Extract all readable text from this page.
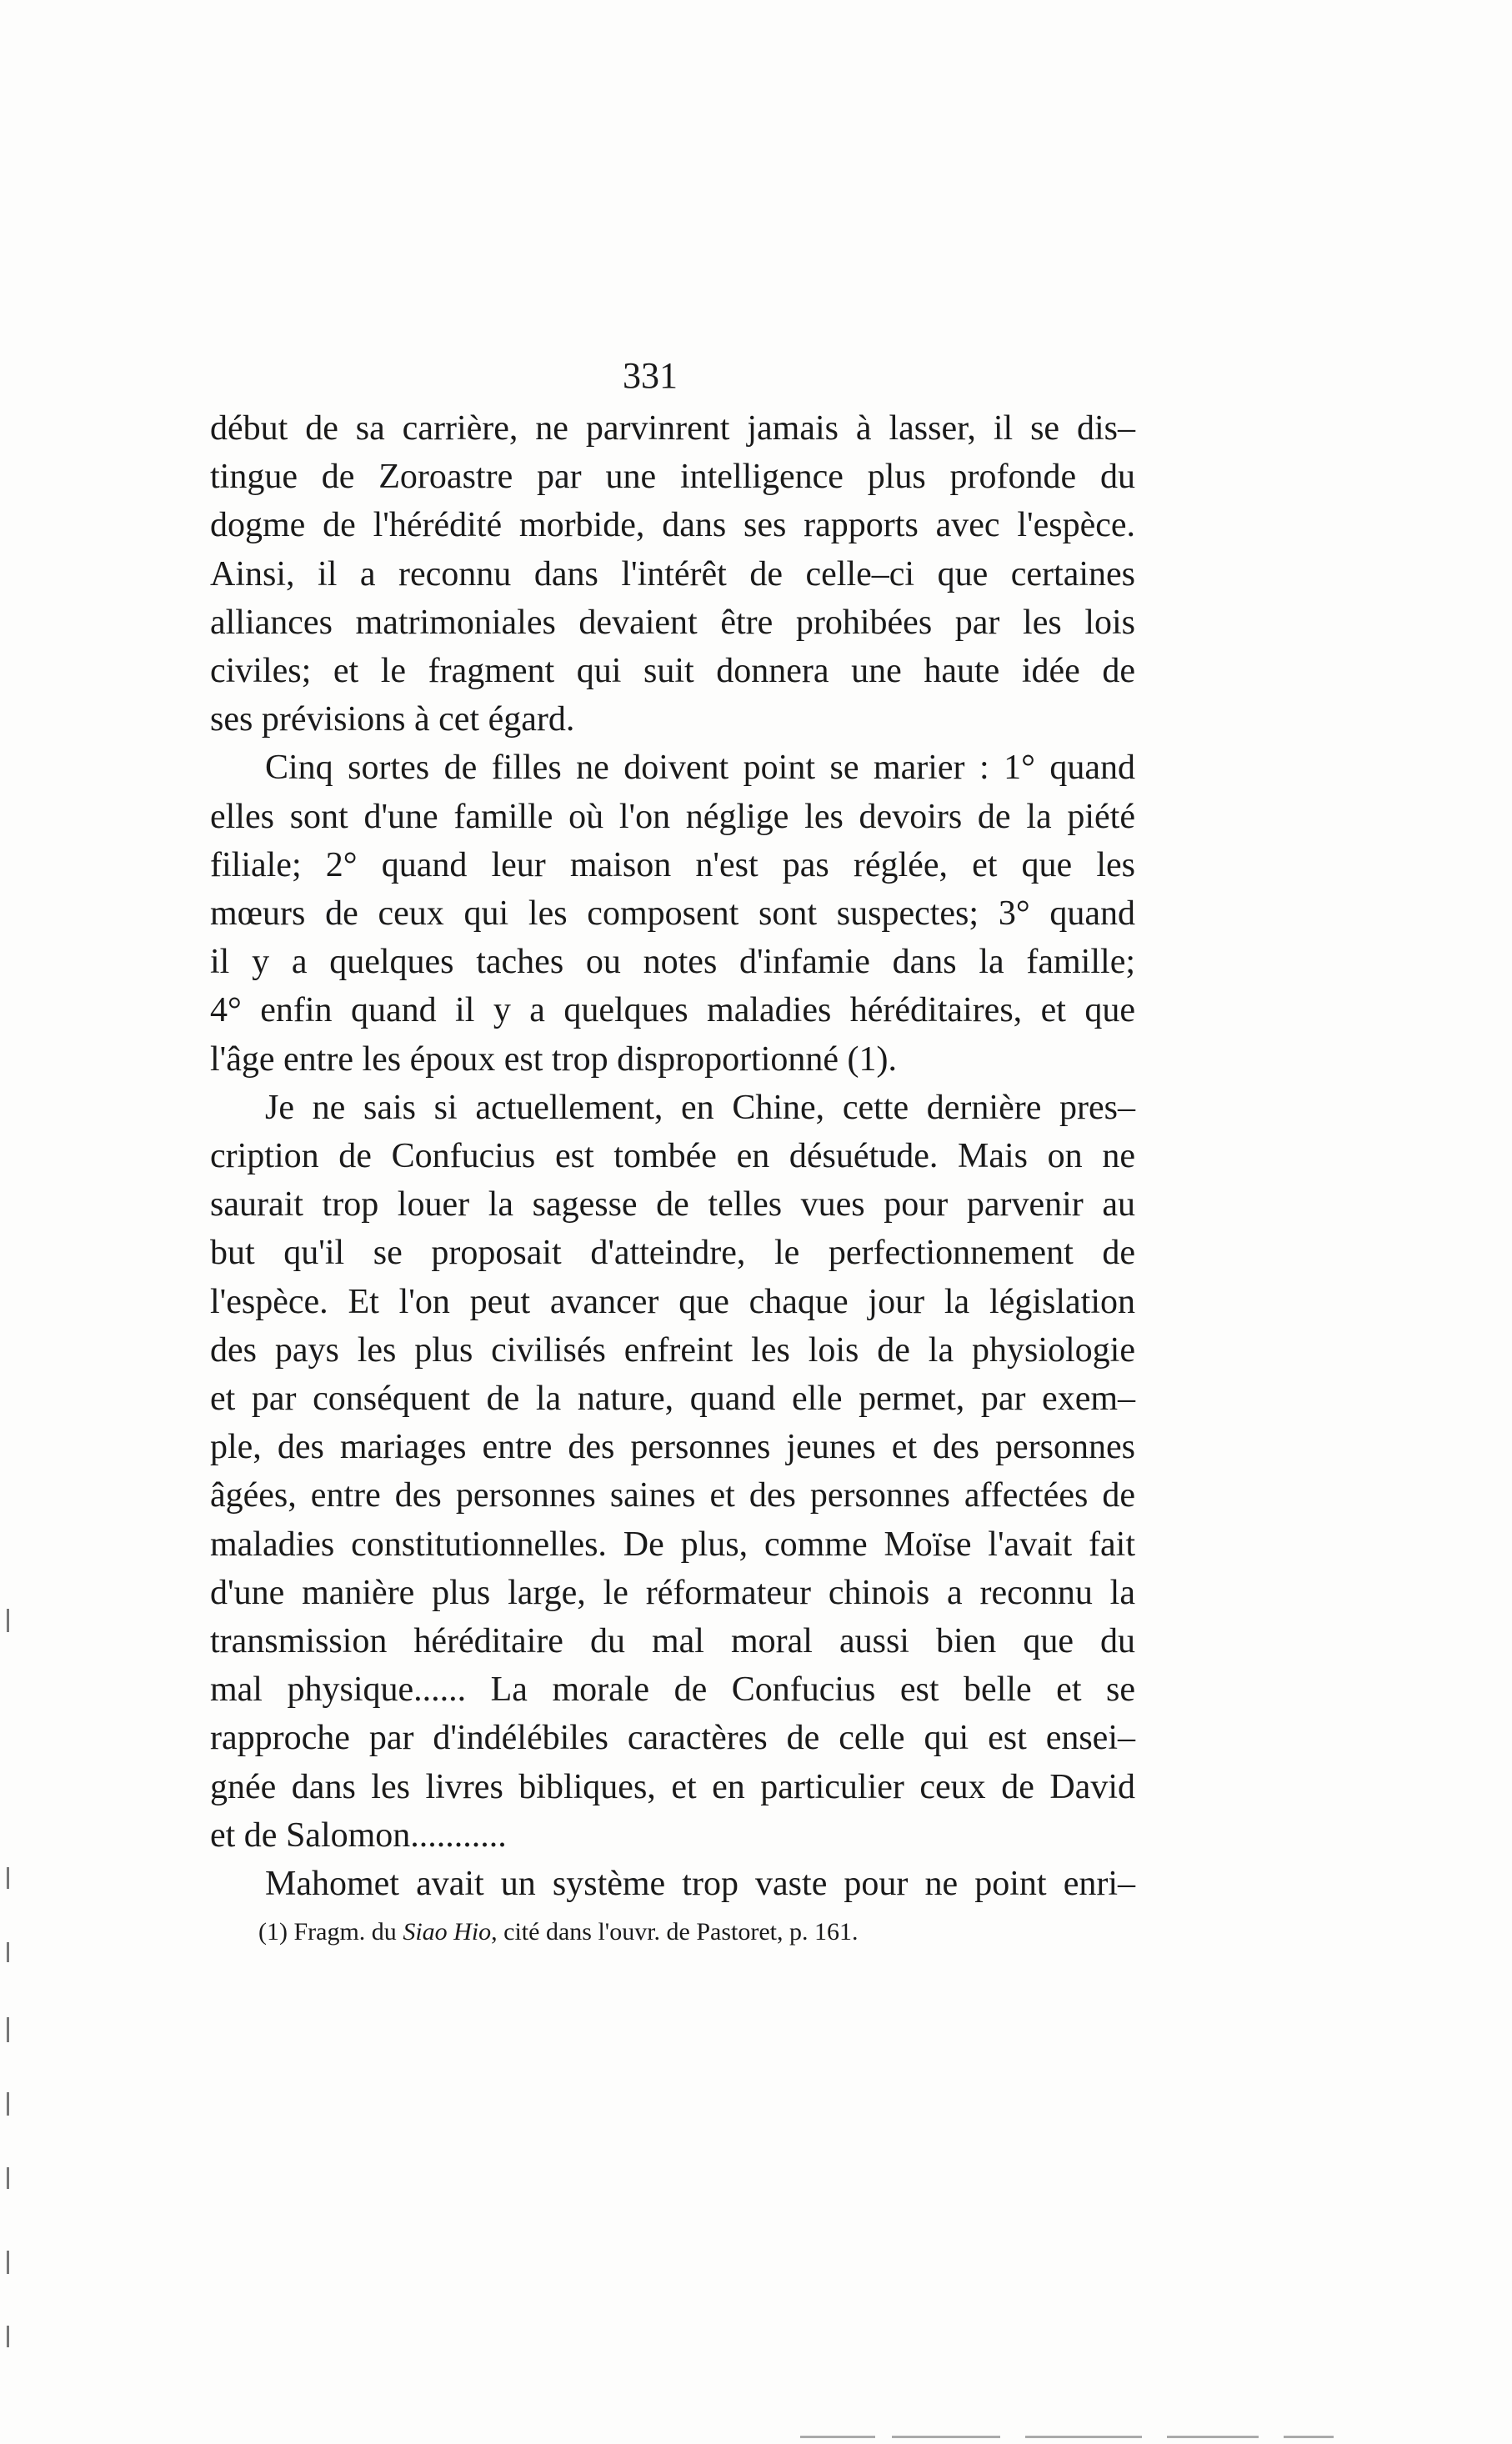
331
début de sa carrière, ne parvinrent jamais à lasser, il se dis–
tingue de Zoroastre par une intelligence plus profonde du
dogme de l'hérédité morbide, dans ses rapports avec l'espèce.
Ainsi, il a reconnu dans l'intérêt de celle–ci que certaines
alliances matrimoniales devaient être prohibées par les lois
civiles; et le fragment qui suit donnera une haute idée de
ses prévisions à cet égard.
Cinq sortes de filles ne doivent point se marier : 1° quand
elles sont d'une famille où l'on néglige les devoirs de la piété
filiale; 2° quand leur maison n'est pas réglée, et que les
mœurs de ceux qui les composent sont suspectes; 3° quand
il y a quelques taches ou notes d'infamie dans la famille;
4° enfin quand il y a quelques maladies héréditaires, et que
l'âge entre les époux est trop disproportionné (1).
Je ne sais si actuellement, en Chine, cette dernière pres–
cription de Confucius est tombée en désuétude. Mais on ne
saurait trop louer la sagesse de telles vues pour parvenir au
but qu'il se proposait d'atteindre, le perfectionnement de
l'espèce. Et l'on peut avancer que chaque jour la législation
des pays les plus civilisés enfreint les lois de la physiologie
et par conséquent de la nature, quand elle permet, par exem–
ple, des mariages entre des personnes jeunes et des personnes
âgées, entre des personnes saines et des personnes affectées de
maladies constitutionnelles. De plus, comme Moïse l'avait fait
d'une manière plus large, le réformateur chinois a reconnu la
transmission héréditaire du mal moral aussi bien que du
mal physique...... La morale de Confucius est belle et se
rapproche par d'indélébiles caractères de celle qui est ensei–
gnée dans les livres bibliques, et en particulier ceux de David
et de Salomon...........
Mahomet avait un système trop vaste pour ne point enri–
(1) Fragm. du Siao Hio, cité dans l'ouvr. de Pastoret, p. 161.
